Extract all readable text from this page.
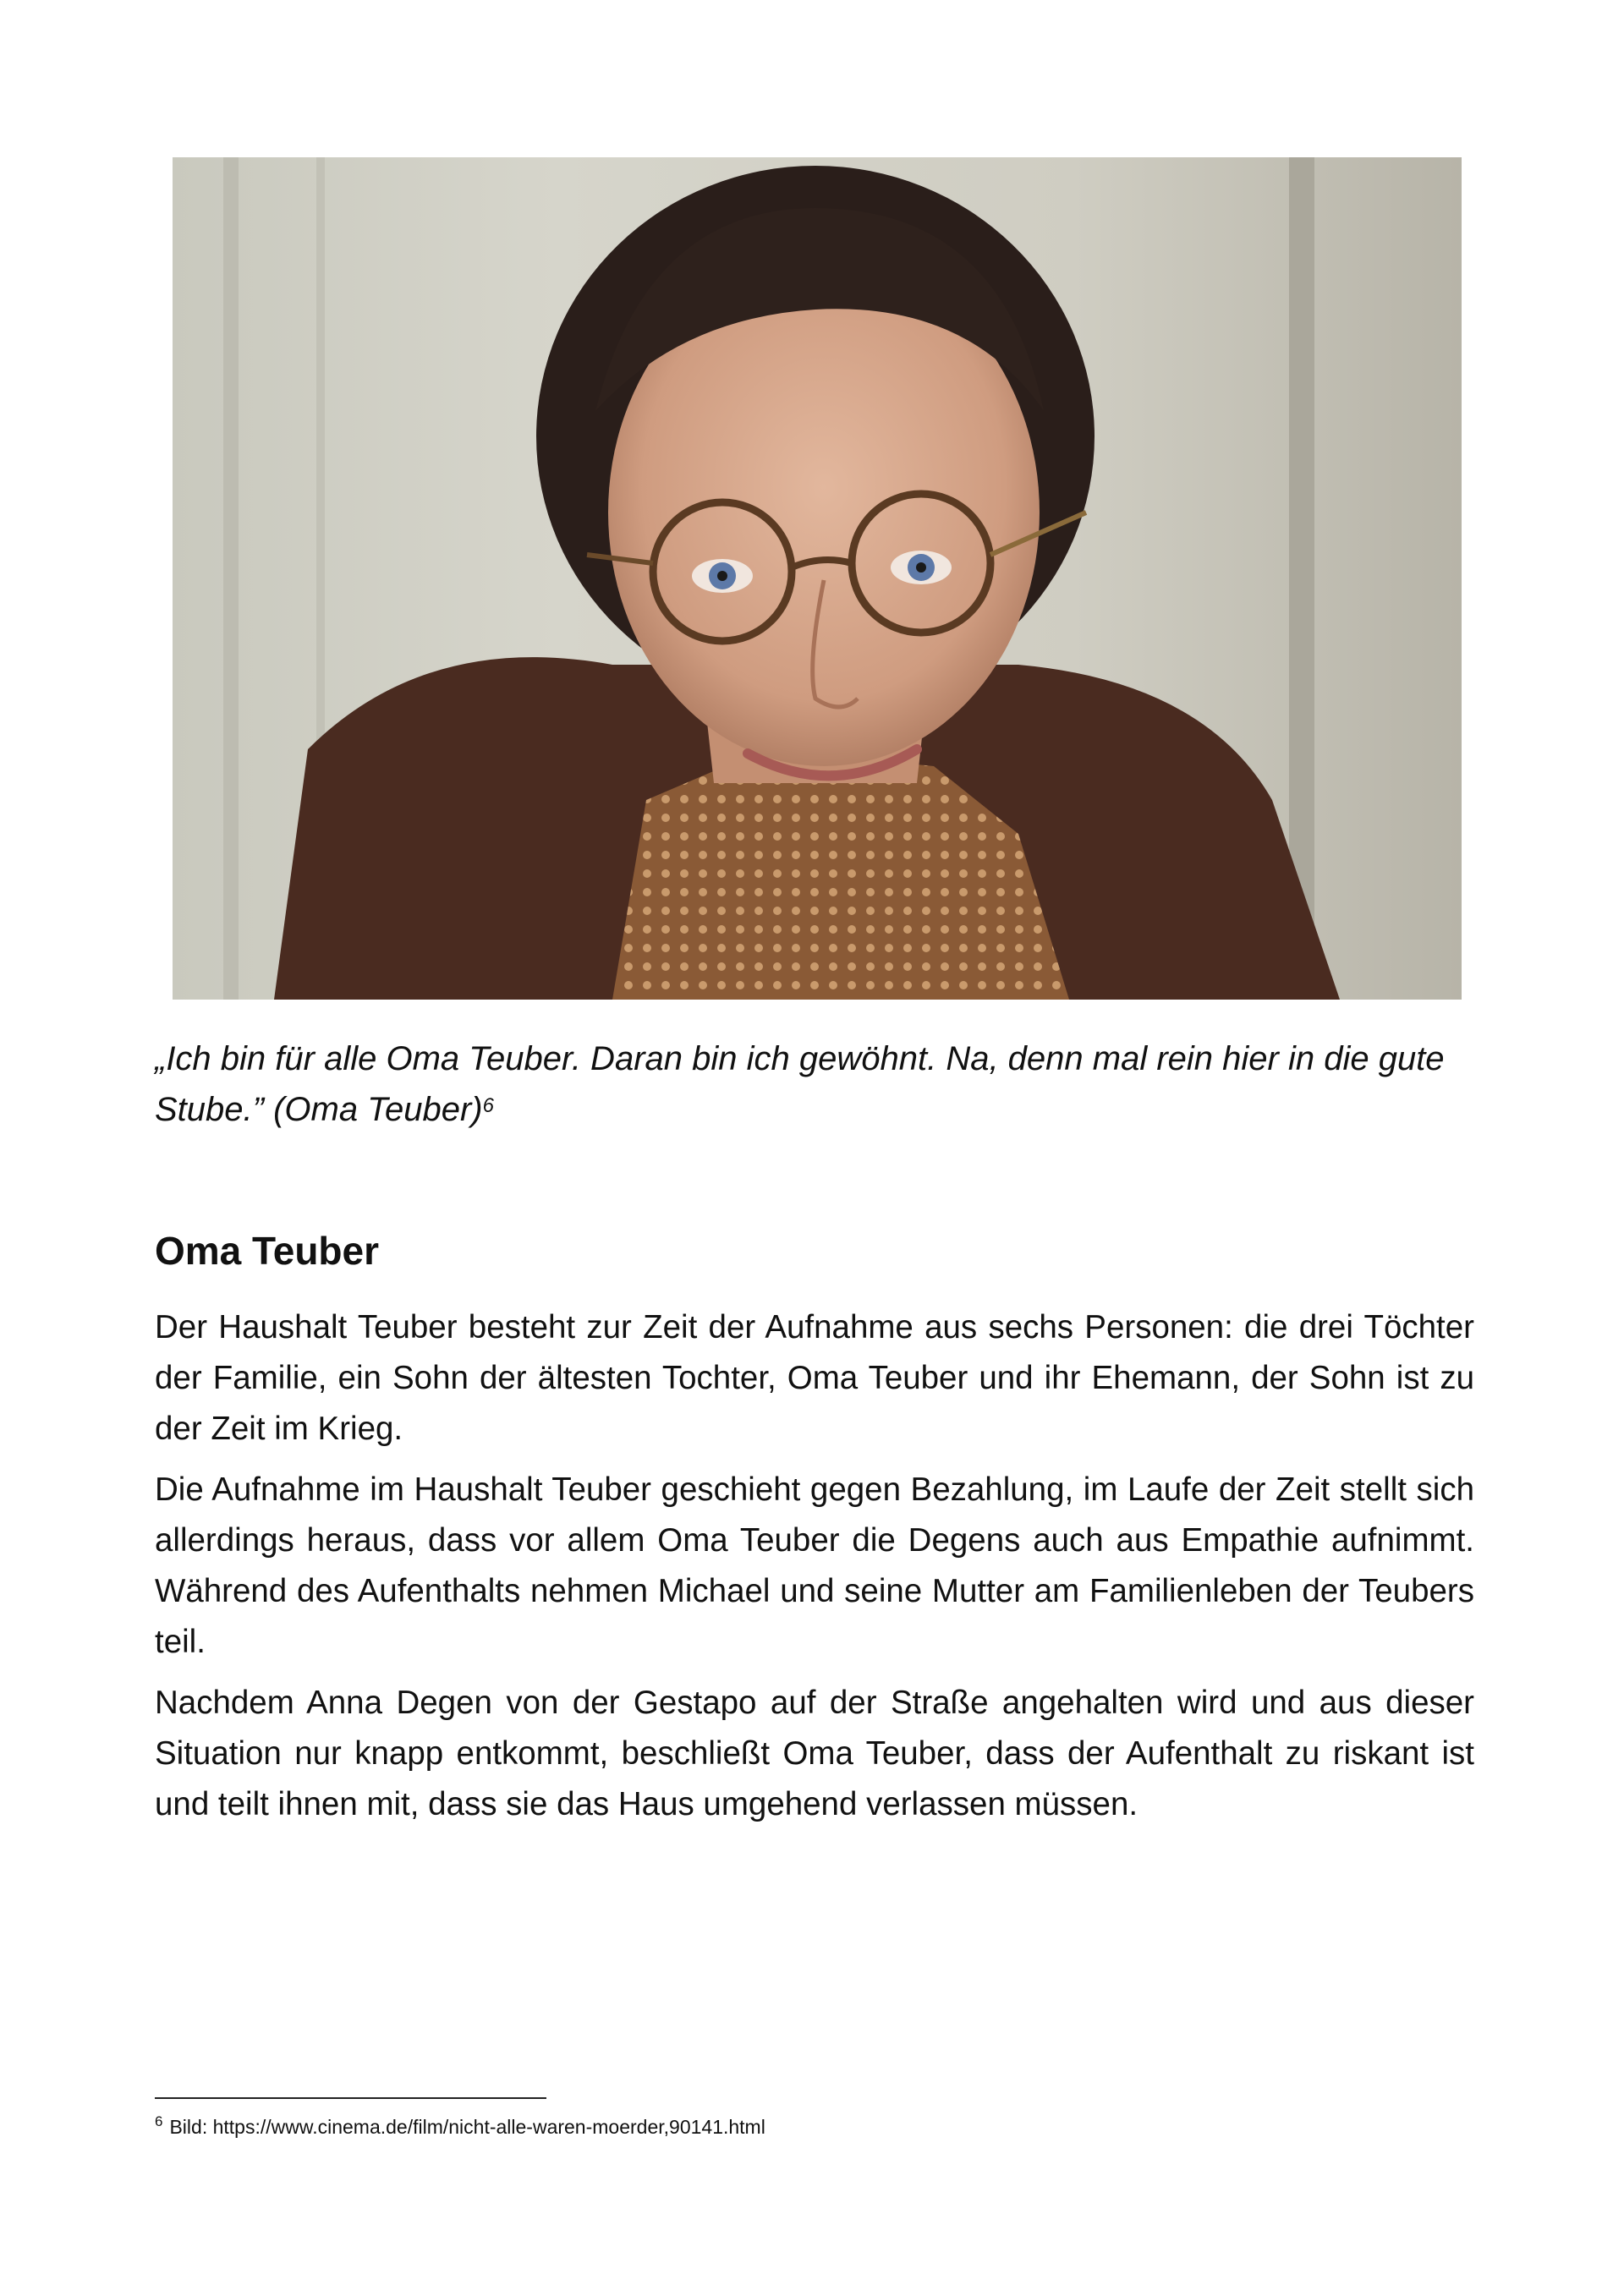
„Ich bin für alle Oma Teuber. Daran bin ich gewöhnt. Na, denn mal rein hier in die gute Stube.” (Oma Teuber)$^6$
Oma Teuber

Der Haushalt Teuber besteht zur Zeit der Aufnahme aus sechs Personen: die drei Töchter der Familie, ein Sohn der ältesten Tochter, Oma Teuber und ihr Ehemann, der Sohn ist zu der Zeit im Krieg.

Die Aufnahme im Haushalt Teuber geschieht gegen Bezahlung, im Laufe der Zeit stellt sich allerdings heraus, dass vor allem Oma Teuber die Degens auch aus Empathie aufnimmt. Während des Aufenthalts nehmen Michael und seine Mutter am Familienleben der Teubers teil.

Nachdem Anna Degen von der Gestapo auf der Straße angehalten wird und aus dieser Situation nur knapp entkommt, beschließt Oma Teuber, dass der Aufenthalt zu riskant ist und teilt ihnen mit, dass sie das Haus umgehend verlassen müssen.

$^6$ Bild: https://www.cinema.de/film/nicht-alle-waren-moerder,90141.html
